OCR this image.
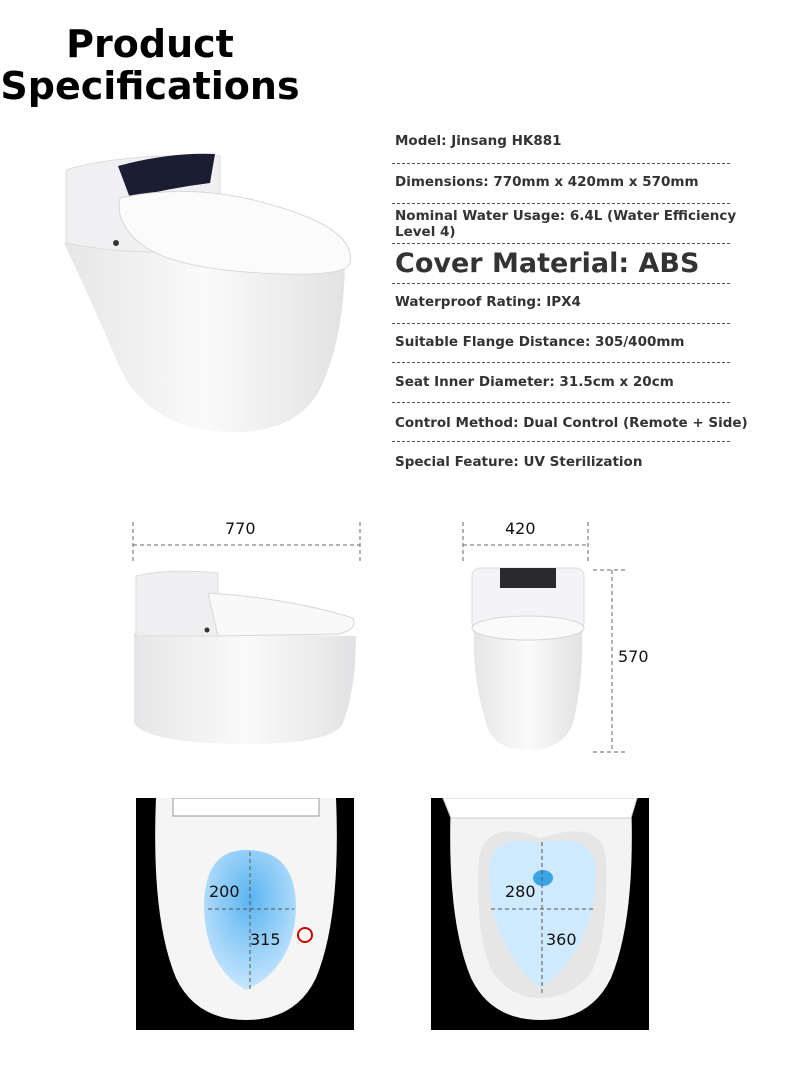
Product
Specifications
Model: Jinsang HK881
Dimensions: 770mm x 420mm x 570mm
Nominal Water Usage: 6.4L (Water Efficiency Level 4)
Cover Material: ABS
Waterproof Rating: IPX4
Suitable Flange Distance: 305/400mm
Seat Inner Diameter: 31.5cm x 20cm
Control Method: Dual Control (Remote + Side)
Special Feature: UV Sterilization
770	420
570
200
315
280
360
